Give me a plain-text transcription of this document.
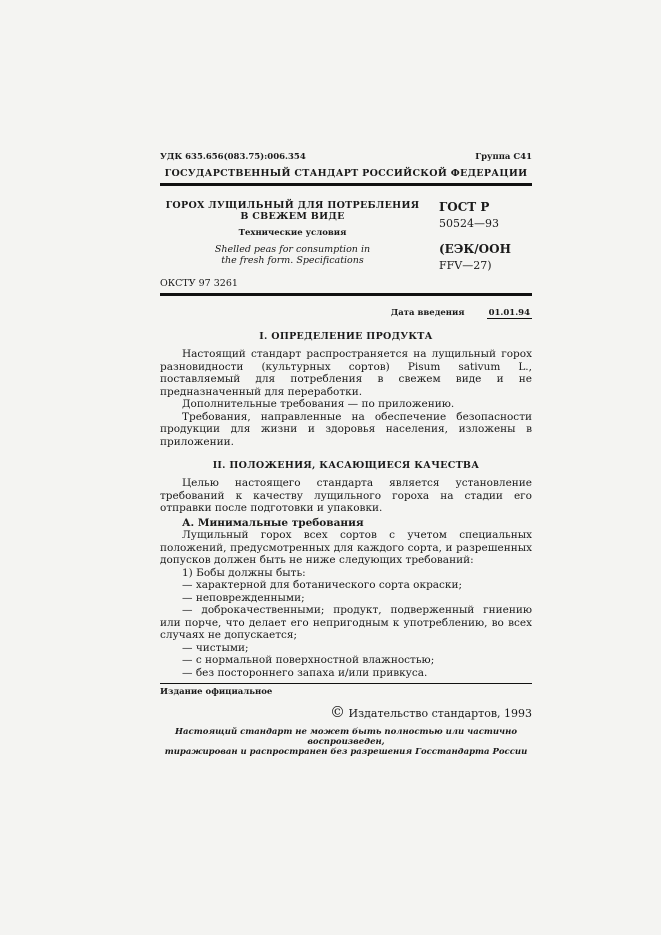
УДК 635.656(083.75):006.354	Группа С41
ГОСУДАРСТВЕННЫЙ СТАНДАРТ РОССИЙСКОЙ ФЕДЕРАЦИИ
ГОРОХ ЛУЩИЛЬНЫЙ ДЛЯ ПОТРЕБЛЕНИЯ
В СВЕЖЕМ ВИДЕ
Технические условия
Shelled peas for consumption in
the fresh form. Specifications
ГОСТ Р
50524—93
(ЕЭК/ООН
FFV—27)
ОКСТУ 97 3261
Дата введения	01.01.94
I. ОПРЕДЕЛЕНИЕ ПРОДУКТА

Настоящий стандарт распространяется на лущильный горох разновидности (культурных сортов) Pisum sativum L., поставляемый для потребления в свежем виде и не предназначенный для переработки.

Дополнительные требования — по приложению.

Требования, направленные на обеспечение безопасности продукции для жизни и здоровья населения, изложены в приложении.

II. ПОЛОЖЕНИЯ, КАСАЮЩИЕСЯ КАЧЕСТВА

Целью настоящего стандарта является установление требований к качеству лущильного гороха на стадии его отправки после подготовки и упаковки.

А. Минимальные требования

Лущильный горох всех сортов с учетом специальных положений, предусмотренных для каждого сорта, и разрешенных допусков должен быть не ниже следующих требований:

1) Бобы должны быть:

— характерной для ботанического сорта окраски;

— неповрежденными;

— доброкачественными; продукт, подверженный гниению или порче, что делает его непригодным к употреблению, во всех случаях не допускается;

— чистыми;

— с нормальной поверхностной влажностью;

— без постороннего запаха и/или привкуса.

Издание официальное
© Издательство стандартов, 1993
Настоящий стандарт не может быть полностью или частично воспроизведен,
тиражирован и распространен без разрешения Госстандарта России
